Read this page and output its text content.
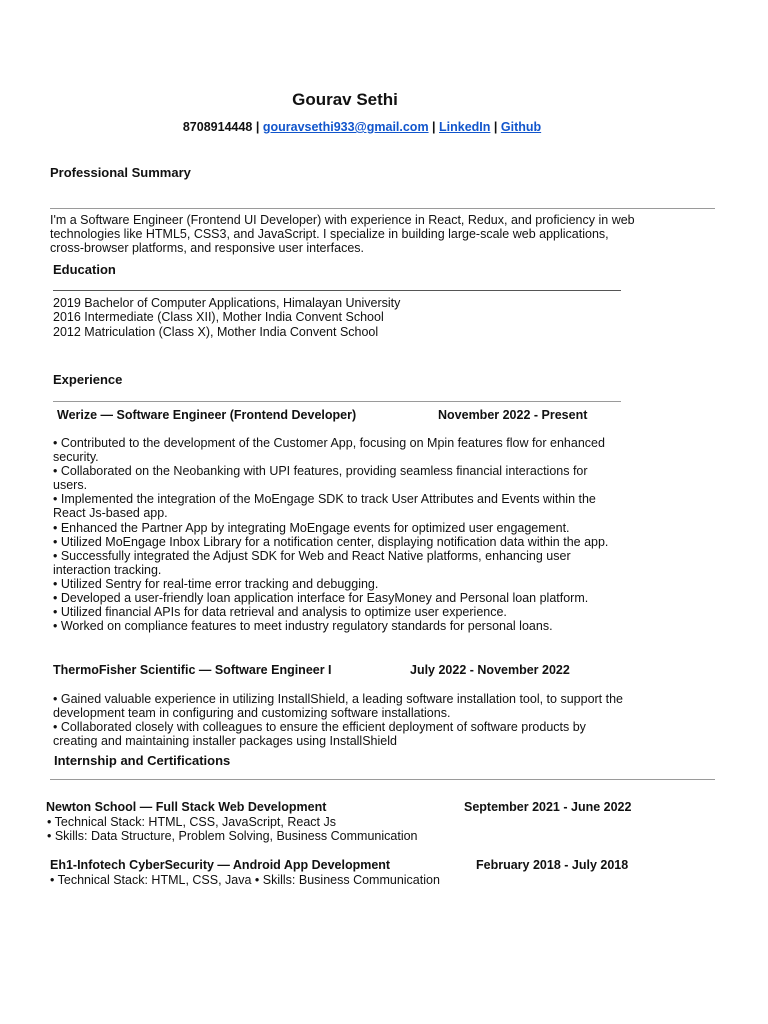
Gourav Sethi
8708914448 | gouravsethi933@gmail.com | LinkedIn | Github
Professional Summary
I'm a Software Engineer (Frontend UI Developer) with experience in React, Redux, and proficiency in web technologies like HTML5, CSS3, and JavaScript. I specialize in building large-scale web applications, cross-browser platforms, and responsive user interfaces.
Education
2019 Bachelor of Computer Applications, Himalayan University
2016 Intermediate (Class XII), Mother India Convent School
2012 Matriculation (Class X), Mother India Convent School
Experience
Werize — Software Engineer (Frontend Developer)	November 2022 - Present
• Contributed to the development of the Customer App, focusing on Mpin features flow for enhanced security.
• Collaborated on the Neobanking with UPI features, providing seamless financial interactions for users.
• Implemented the integration of the MoEngage SDK to track User Attributes and Events within the React Js-based app.
• Enhanced the Partner App by integrating MoEngage events for optimized user engagement.
• Utilized MoEngage Inbox Library for a notification center, displaying notification data within the app.
• Successfully integrated the Adjust SDK for Web and React Native platforms, enhancing user interaction tracking.
• Utilized Sentry for real-time error tracking and debugging.
• Developed a user-friendly loan application interface for EasyMoney and Personal loan platform.
• Utilized financial APIs for data retrieval and analysis to optimize user experience.
• Worked on compliance features to meet industry regulatory standards for personal loans.
ThermoFisher Scientific — Software Engineer I	July 2022 - November 2022
• Gained valuable experience in utilizing InstallShield, a leading software installation tool, to support the development team in configuring and customizing software installations.
• Collaborated closely with colleagues to ensure the efficient deployment of software products by creating and maintaining installer packages using InstallShield
Internship and Certifications
Newton School — Full Stack Web Development	September 2021 - June 2022
• Technical Stack: HTML, CSS, JavaScript, React Js
• Skills: Data Structure, Problem Solving, Business Communication
Eh1-Infotech CyberSecurity — Android App Development	February 2018 - July 2018
• Technical Stack: HTML, CSS, Java • Skills: Business Communication
